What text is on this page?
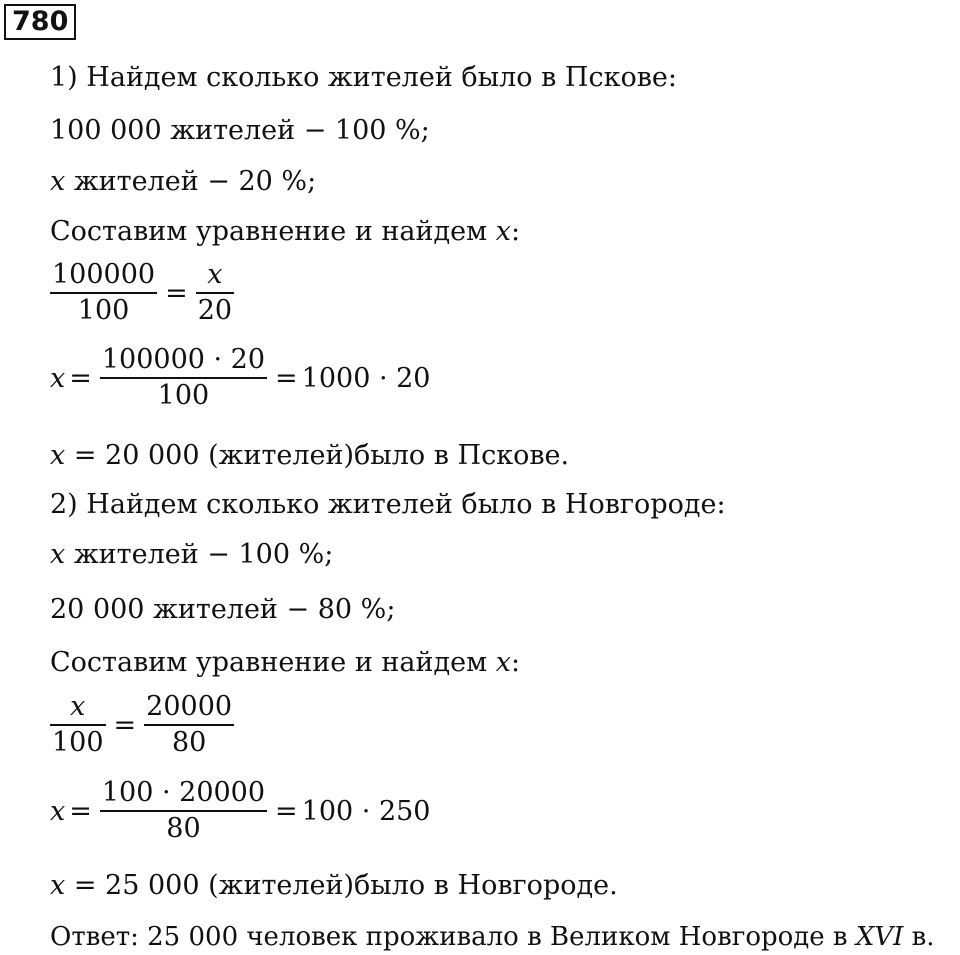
780
1) Найдем сколько жителей было в Пскове:
100 000 жителей − 100 %;
x жителей − 20 %;
Составим уравнение и найдем x:
$\frac{100000}{100} = \frac{x}{20}$
$x = \frac{100000 \cdot 20}{100} = 1000 \cdot 20$
x = 20 000 (жителей)было в Пскове.
2) Найдем сколько жителей было в Новгороде:
x жителей − 100 %;
20 000 жителей − 80 %;
Составим уравнение и найдем x:
$\frac{x}{100} = \frac{20000}{80}$
$x = \frac{100 \cdot 20000}{80} = 100 \cdot 250$
x = 25 000 (жителей)было в Новгороде.
Ответ: 25 000 человек проживало в Великом Новгороде в XVI в.
